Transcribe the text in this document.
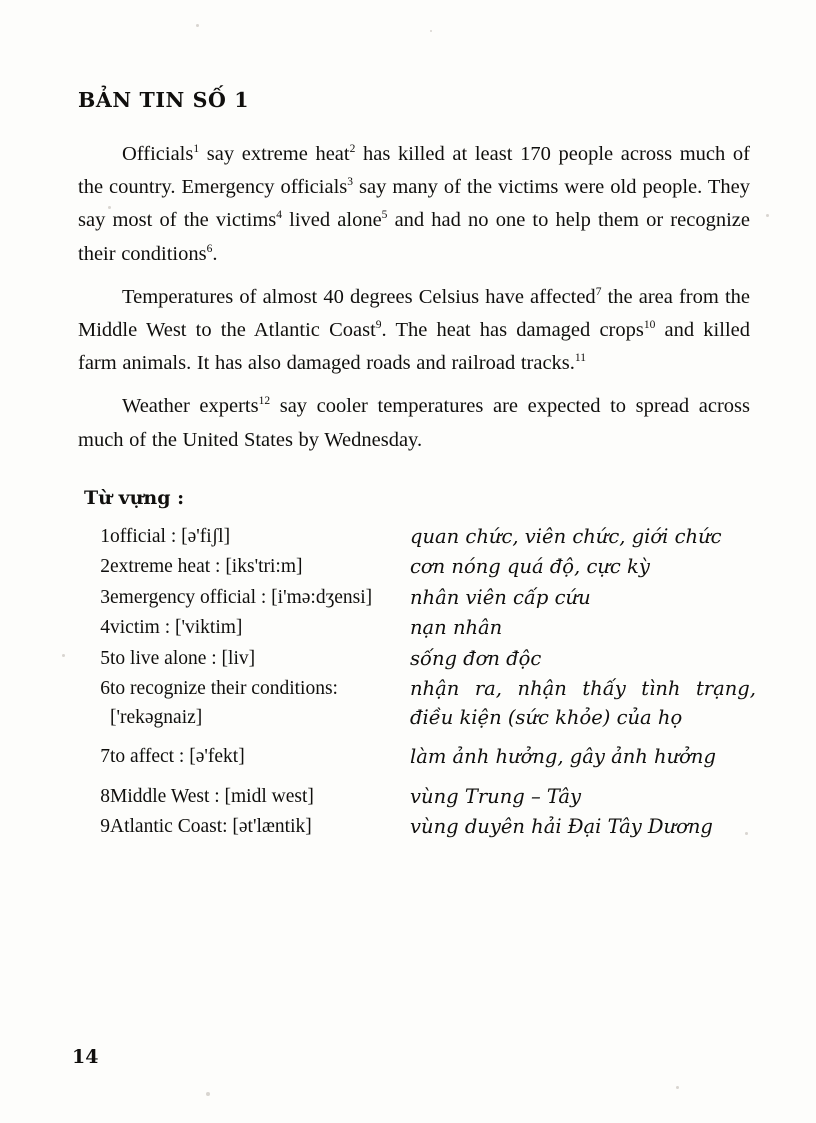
BẢN TIN SỐ 1

Officials$^1$ say extreme heat$^2$ has killed at least 170 people across much of the country. Emergency officials$^3$ say many of the victims were old people. They say most of the victims$^4$ lived alone$^5$ and had no one to help them or recognize their conditions$^6$.

Temperatures of almost 40 degrees Celsius have affected$^7$ the area from the Middle West to the Atlantic Coast$^9$. The heat has damaged crops$^{10}$ and killed farm animals. It has also damaged roads and railroad tracks.$^{11}$

Weather experts$^{12}$ say cooler temperatures are expected to spread across much of the United States by Wednesday.

Từ vựng :
1	official : [ə'fiʃl]	quan chức, viên chức, giới chức
2	extreme heat : [iks'tri:m]	cơn nóng quá độ, cực kỳ
3	emergency official : [i'mə:dʒensi]	nhân viên cấp cứu
4	victim : ['viktim]	nạn nhân
5	to live alone : [liv]	sống đơn độc
6	to recognize their conditions: ['rekəgnaiz]	nhận ra, nhận thấy tình trạng, điều kiện (sức khỏe) của họ
7	to affect : [ə'fekt]	làm ảnh hưởng, gây ảnh hưởng
8	Middle West : [midl west]	vùng Trung – Tây
9	Atlantic Coast: [ət'læntik]	vùng duyên hải Đại Tây Dương
14
